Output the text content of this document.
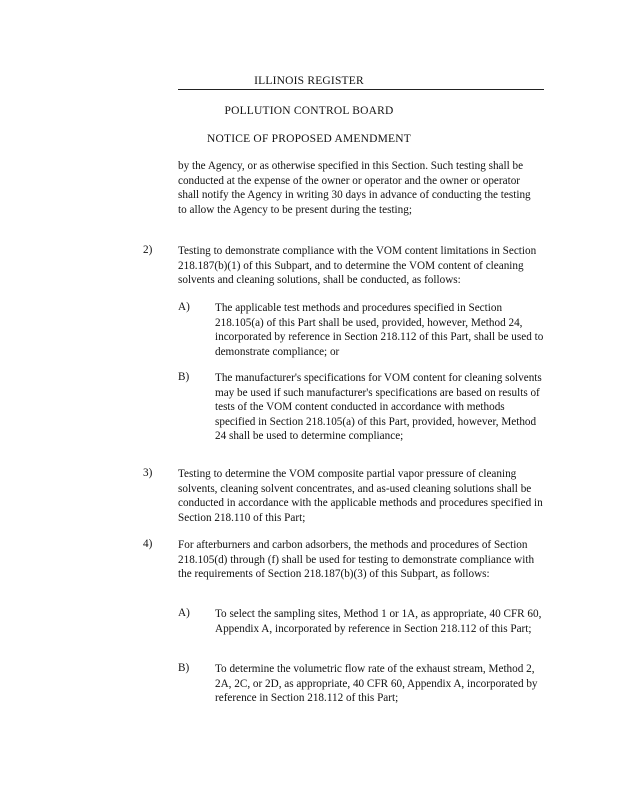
ILLINOIS REGISTER
POLLUTION CONTROL BOARD
NOTICE OF PROPOSED AMENDMENT

by the Agency, or as otherwise specified in this Section. Such testing shall be conducted at the expense of the owner or operator and the owner or operator shall notify the Agency in writing 30 days in advance of conducting the testing to allow the Agency to be present during the testing;

2) Testing to demonstrate compliance with the VOM content limitations in Section 218.187(b)(1) of this Subpart, and to determine the VOM content of cleaning solvents and cleaning solutions, shall be conducted, as follows:

A) The applicable test methods and procedures specified in Section 218.105(a) of this Part shall be used, provided, however, Method 24, incorporated by reference in Section 218.112 of this Part, shall be used to demonstrate compliance; or

B) The manufacturer's specifications for VOM content for cleaning solvents may be used if such manufacturer's specifications are based on results of tests of the VOM content conducted in accordance with methods specified in Section 218.105(a) of this Part, provided, however, Method 24 shall be used to determine compliance;

3) Testing to determine the VOM composite partial vapor pressure of cleaning solvents, cleaning solvent concentrates, and as-used cleaning solutions shall be conducted in accordance with the applicable methods and procedures specified in Section 218.110 of this Part;

4) For afterburners and carbon adsorbers, the methods and procedures of Section 218.105(d) through (f) shall be used for testing to demonstrate compliance with the requirements of Section 218.187(b)(3) of this Subpart, as follows:

A) To select the sampling sites, Method 1 or 1A, as appropriate, 40 CFR 60, Appendix A, incorporated by reference in Section 218.112 of this Part;

B) To determine the volumetric flow rate of the exhaust stream, Method 2, 2A, 2C, or 2D, as appropriate, 40 CFR 60, Appendix A, incorporated by reference in Section 218.112 of this Part;
